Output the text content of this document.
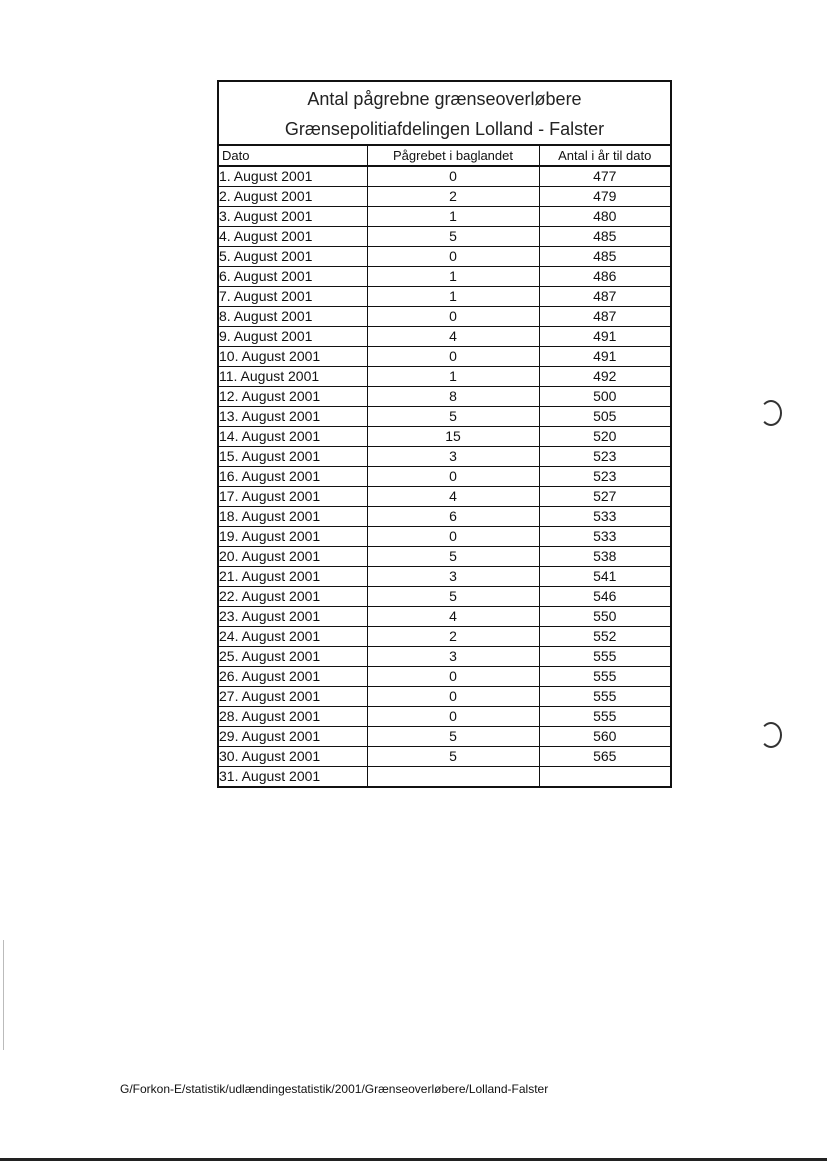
Antal pågrebne grænseoverløbere
Grænsepolitiafdelingen Lolland - Falster
Dato	Pågrebet i baglandet	Antal i år til dato
1. August 2001	0	477
2. August 2001	2	479
3. August 2001	1	480
4. August 2001	5	485
5. August 2001	0	485
6. August 2001	1	486
7. August 2001	1	487
8. August 2001	0	487
9. August 2001	4	491
10. August 2001	0	491
11. August 2001	1	492
12. August 2001	8	500
13. August 2001	5	505
14. August 2001	15	520
15. August 2001	3	523
16. August 2001	0	523
17. August 2001	4	527
18. August 2001	6	533
19. August 2001	0	533
20. August 2001	5	538
21. August 2001	3	541
22. August 2001	5	546
23. August 2001	4	550
24. August 2001	2	552
25. August 2001	3	555
26. August 2001	0	555
27. August 2001	0	555
28. August 2001	0	555
29. August 2001	5	560
30. August 2001	5	565
31. August 2001		
G/Forkon-E/statistik/udlændingestatistik/2001/Grænseoverløbere/Lolland-Falster
